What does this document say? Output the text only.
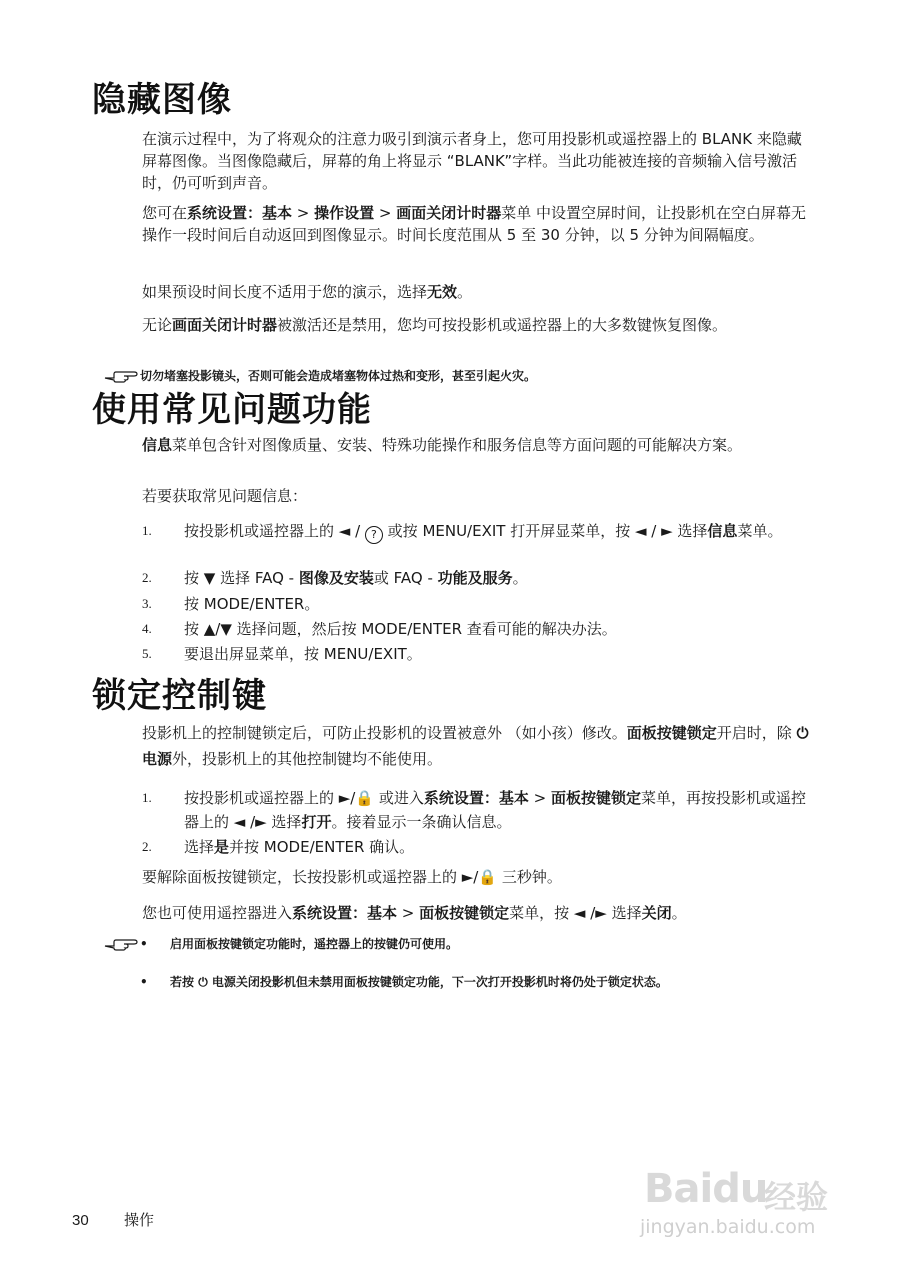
隐藏图像

在演示过程中，为了将观众的注意力吸引到演示者身上，您可用投影机或遥控器上的 BLANK 来隐藏屏幕图像。当图像隐藏后，屏幕的角上将显示 “BLANK”字样。当此功能被连接的音频输入信号激活时，仍可听到声音。

您可在系统设置：基本 > 操作设置 > 画面关闭计时器菜单 中设置空屏时间，让投影机在空白屏幕无操作一段时间后自动返回到图像显示。时间长度范围从 5 至 30 分钟，以 5 分钟为间隔幅度。

如果预设时间长度不适用于您的演示，选择无效。

无论画面关闭计时器被激活还是禁用，您均可按投影机或遥控器上的大多数键恢复图像。

切勿堵塞投影镜头，否则可能会造成堵塞物体过热和变形，甚至引起火灾。
使用常见问题功能

信息菜单包含针对图像质量、安装、特殊功能操作和服务信息等方面问题的可能解决方案。

若要获取常见问题信息：

1.	按投影机或遥控器上的 ◄ / ? 或按 MENU/EXIT 打开屏显菜单，按 ◄ / ► 选择信息菜单。
2.	按 ▼ 选择 FAQ - 图像及安装或 FAQ - 功能及服务。
3.	按 MODE/ENTER。
4.	按 ▲/▼ 选择问题，然后按 MODE/ENTER 查看可能的解决办法。
5.	要退出屏显菜单，按 MENU/EXIT。
锁定控制键

投影机上的控制键锁定后，可防止投影机的设置被意外 （如小孩）修改。面板按键锁定开启时，除 ⏻电源外，投影机上的其他控制键均不能使用。

1.	按投影机或遥控器上的 ►/🔒 或进入系统设置：基本 > 面板按键锁定菜单，再按投影机或遥控器上的 ◄ /► 选择打开。接着显示一条确认信息。
2.	选择是并按 MODE/ENTER 确认。

要解除面板按键锁定，长按投影机或遥控器上的 ►/🔒 三秒钟。

您也可使用遥控器进入系统设置：基本 > 面板按键锁定菜单，按 ◄ /► 选择关闭。

• 启用面板按键锁定功能时，遥控器上的按键仍可使用。
• 若按 ⏻ 电源关闭投影机但未禁用面板按键锁定功能，下一次打开投影机时将仍处于锁定状态。
Baidu
经验
jingyan.baidu.com
30 操作
